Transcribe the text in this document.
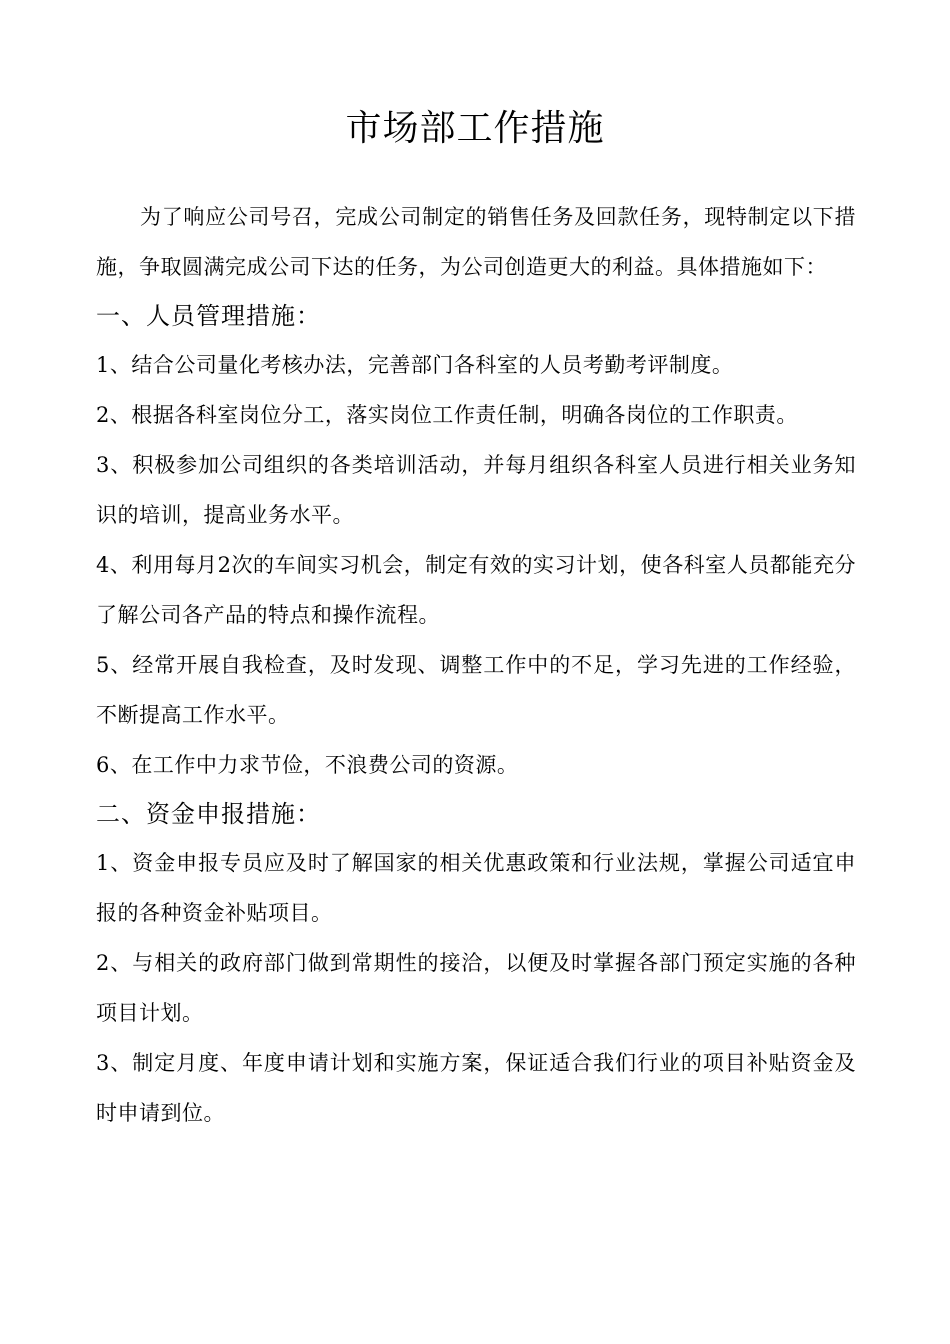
市场部工作措施

为了响应公司号召，完成公司制定的销售任务及回款任务，现特制定以下措施，争取圆满完成公司下达的任务，为公司创造更大的利益。具体措施如下：

一、人员管理措施：

1、结合公司量化考核办法，完善部门各科室的人员考勤考评制度。

2、根据各科室岗位分工，落实岗位工作责任制，明确各岗位的工作职责。

3、积极参加公司组织的各类培训活动，并每月组织各科室人员进行相关业务知识的培训，提高业务水平。

4、利用每月2次的车间实习机会，制定有效的实习计划，使各科室人员都能充分了解公司各产品的特点和操作流程。

5、经常开展自我检查，及时发现、调整工作中的不足，学习先进的工作经验，不断提高工作水平。

6、在工作中力求节俭，不浪费公司的资源。

二、资金申报措施：

1、资金申报专员应及时了解国家的相关优惠政策和行业法规，掌握公司适宜申报的各种资金补贴项目。

2、与相关的政府部门做到常期性的接洽，以便及时掌握各部门预定实施的各种项目计划。

3、制定月度、年度申请计划和实施方案，保证适合我们行业的项目补贴资金及时申请到位。
